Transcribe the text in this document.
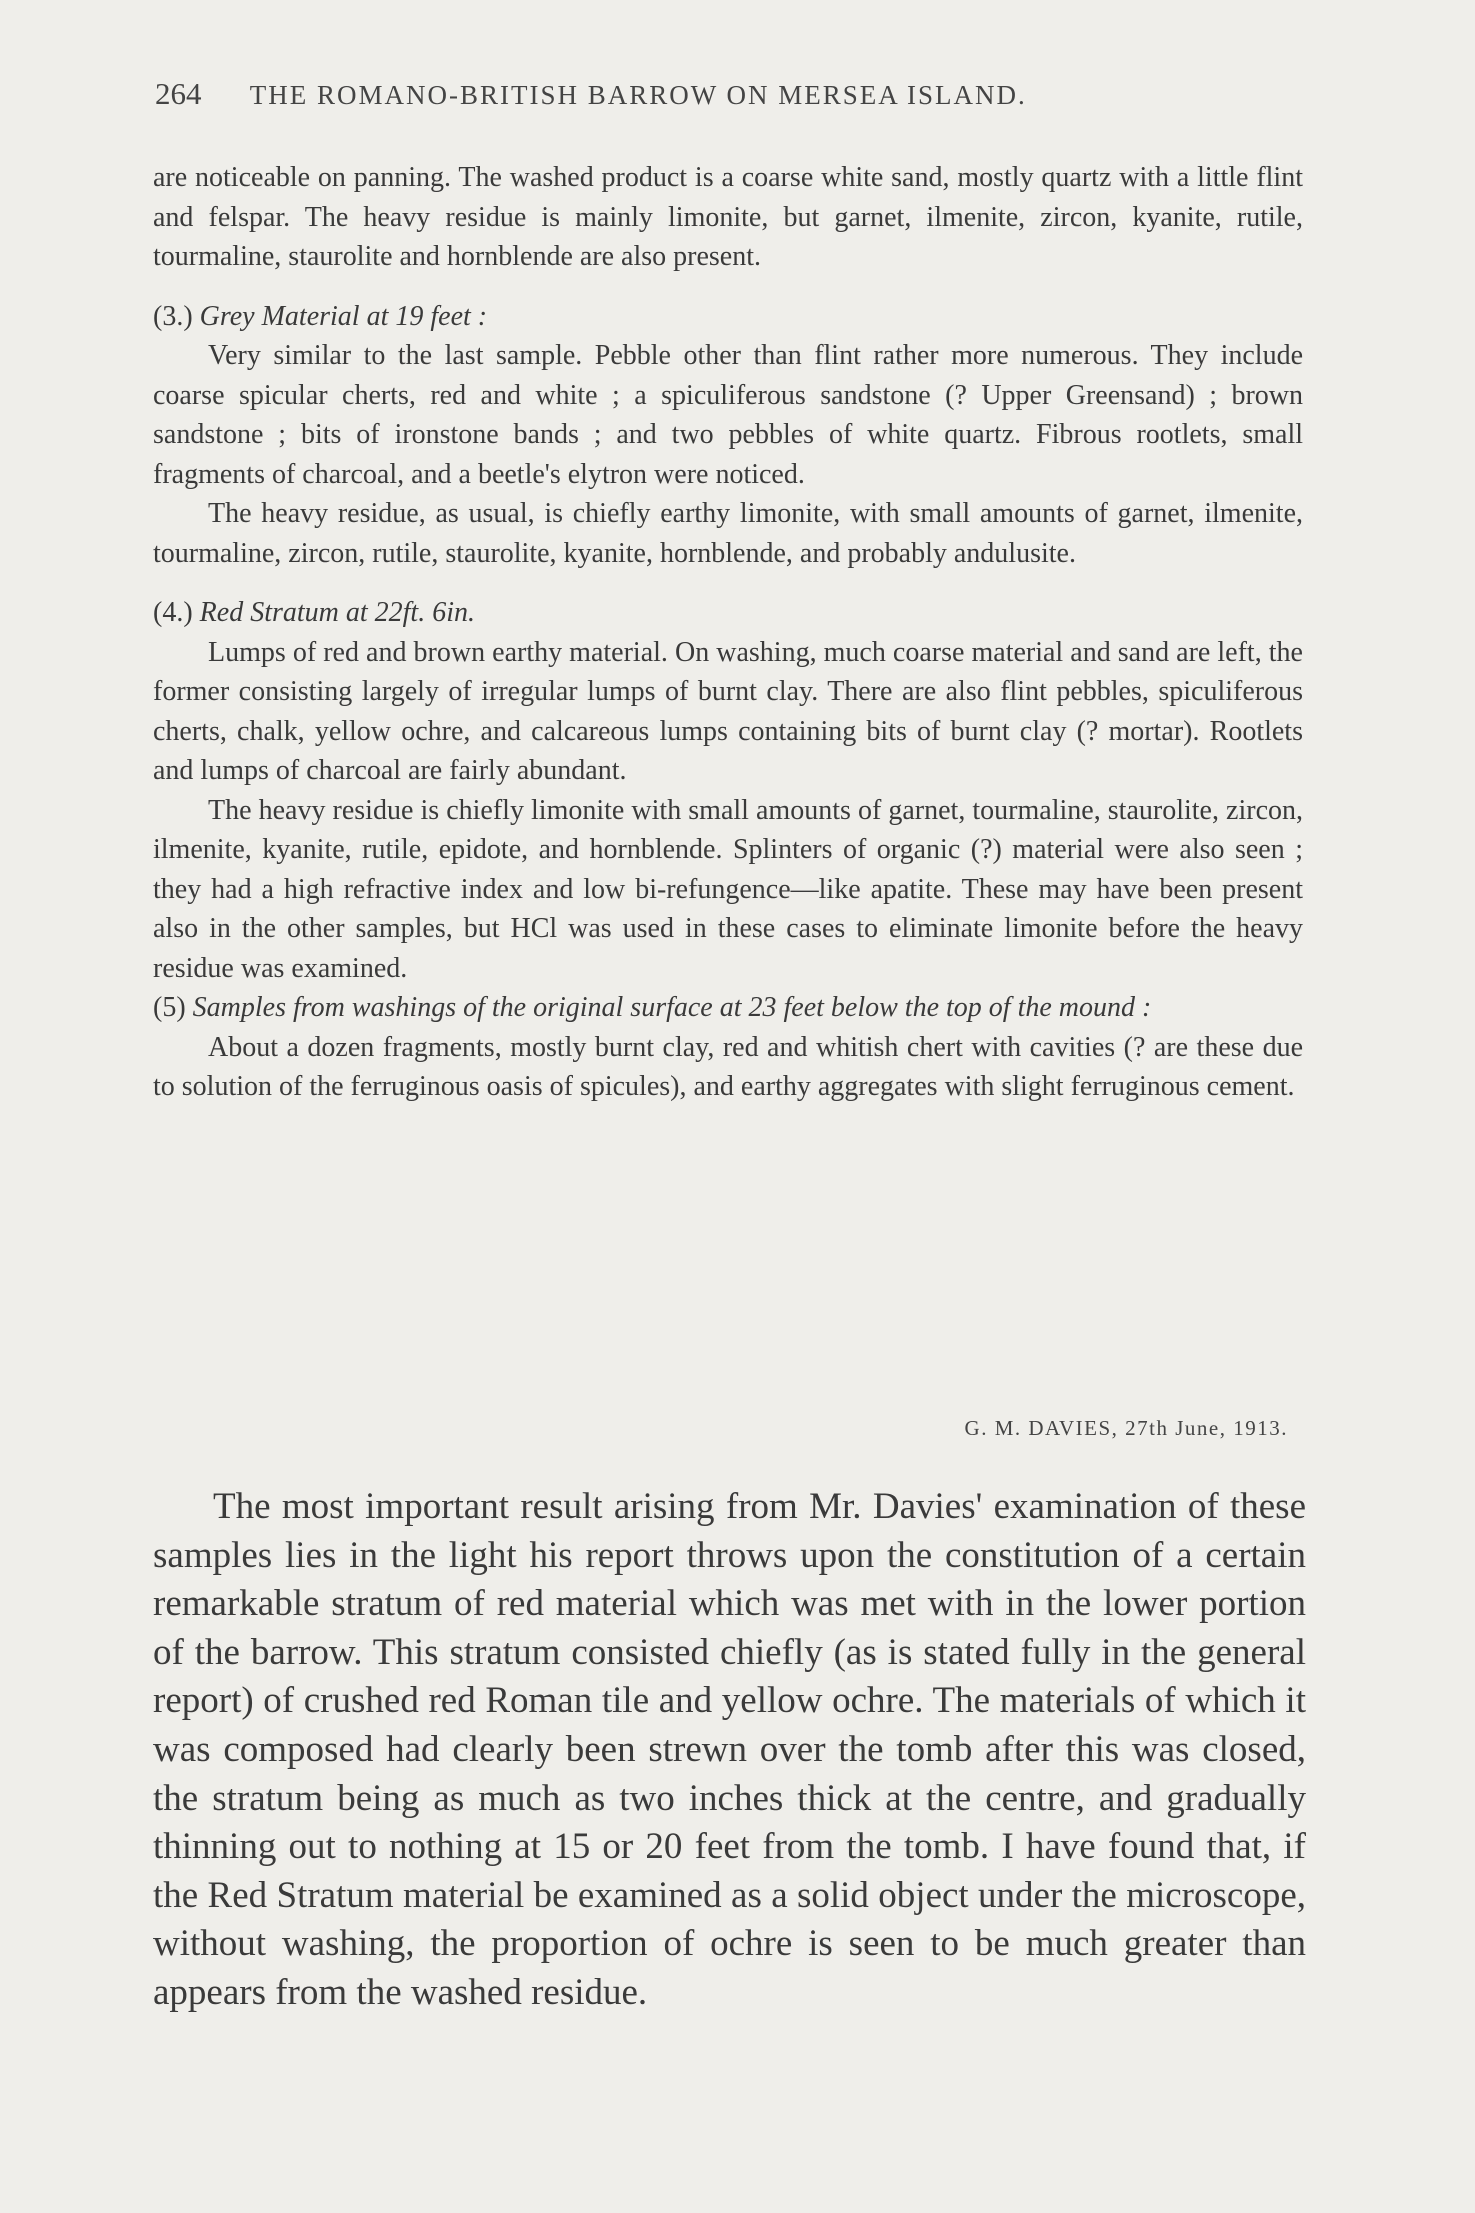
264 THE ROMANO-BRITISH BARROW ON MERSEA ISLAND.

are noticeable on panning. The washed product is a coarse white sand, mostly quartz with a little flint and felspar. The heavy residue is mainly limonite, but garnet, ilmenite, zircon, kyanite, rutile, tourmaline, staurolite and hornblende are also present.

(3.) Grey Material at 19 feet :

Very similar to the last sample. Pebble other than flint rather more numerous. They include coarse spicular cherts, red and white ; a spiculiferous sandstone (? Upper Greensand) ; brown sandstone ; bits of ironstone bands ; and two pebbles of white quartz. Fibrous rootlets, small fragments of charcoal, and a beetle's elytron were noticed.

The heavy residue, as usual, is chiefly earthy limonite, with small amounts of garnet, ilmenite, tourmaline, zircon, rutile, staurolite, kyanite, hornblende, and probably andulusite.

(4.) Red Stratum at 22ft. 6in.

Lumps of red and brown earthy material. On washing, much coarse material and sand are left, the former consisting largely of irregular lumps of burnt clay. There are also flint pebbles, spiculiferous cherts, chalk, yellow ochre, and calcareous lumps containing bits of burnt clay (? mortar). Rootlets and lumps of charcoal are fairly abundant.

The heavy residue is chiefly limonite with small amounts of garnet, tourmaline, staurolite, zircon, ilmenite, kyanite, rutile, epidote, and hornblende. Splinters of organic (?) material were also seen ; they had a high refractive index and low bi-refungence—like apatite. These may have been present also in the other samples, but HCl was used in these cases to eliminate limonite before the heavy residue was examined.

(5) Samples from washings of the original surface at 23 feet below the top of the mound :

About a dozen fragments, mostly burnt clay, red and whitish chert with cavities (? are these due to solution of the ferruginous oasis of spicules), and earthy aggregates with slight ferruginous cement.

G. M. DAVIES, 27th June, 1913.

The most important result arising from Mr. Davies' examination of these samples lies in the light his report throws upon the constitution of a certain remarkable stratum of red material which was met with in the lower portion of the barrow. This stratum consisted chiefly (as is stated fully in the general report) of crushed red Roman tile and yellow ochre. The materials of which it was composed had clearly been strewn over the tomb after this was closed, the stratum being as much as two inches thick at the centre, and gradually thinning out to nothing at 15 or 20 feet from the tomb. I have found that, if the Red Stratum material be examined as a solid object under the microscope, without washing, the proportion of ochre is seen to be much greater than appears from the washed residue.
